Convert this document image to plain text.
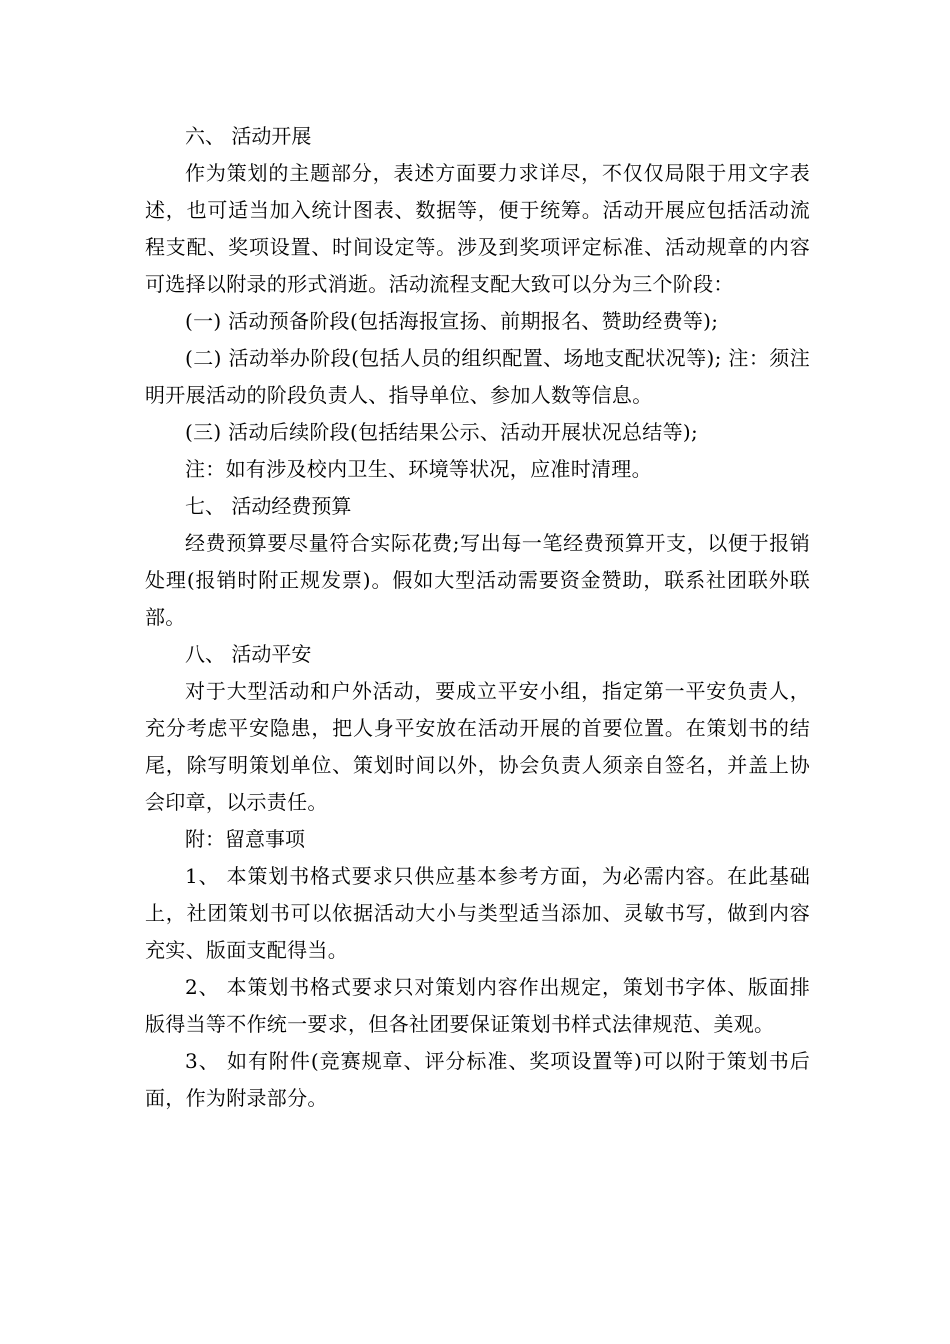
六、 活动开展

作为策划的主题部分，表述方面要力求详尽，不仅仅局限于用文字表述，也可适当加入统计图表、数据等，便于统筹。活动开展应包括活动流程支配、奖项设置、时间设定等。涉及到奖项评定标准、活动规章的内容可选择以附录的形式消逝。活动流程支配大致可以分为三个阶段：

(一) 活动预备阶段(包括海报宣扬、前期报名、赞助经费等);

(二) 活动举办阶段(包括人员的组织配置、场地支配状况等); 注：须注明开展活动的阶段负责人、指导单位、参加人数等信息。

(三) 活动后续阶段(包括结果公示、活动开展状况总结等);

注：如有涉及校内卫生、环境等状况，应准时清理。

七、 活动经费预算

经费预算要尽量符合实际花费;写出每一笔经费预算开支，以便于报销处理(报销时附正规发票)。假如大型活动需要资金赞助，联系社团联外联部。

八、 活动平安

对于大型活动和户外活动，要成立平安小组，指定第一平安负责人，充分考虑平安隐患，把人身平安放在活动开展的首要位置。在策划书的结尾，除写明策划单位、策划时间以外，协会负责人须亲自签名，并盖上协会印章，以示责任。

附：留意事项

1、 本策划书格式要求只供应基本参考方面，为必需内容。在此基础上，社团策划书可以依据活动大小与类型适当添加、灵敏书写，做到内容充实、版面支配得当。

2、 本策划书格式要求只对策划内容作出规定，策划书字体、版面排版得当等不作统一要求，但各社团要保证策划书样式法律规范、美观。

3、 如有附件(竞赛规章、评分标准、奖项设置等)可以附于策划书后面，作为附录部分。
